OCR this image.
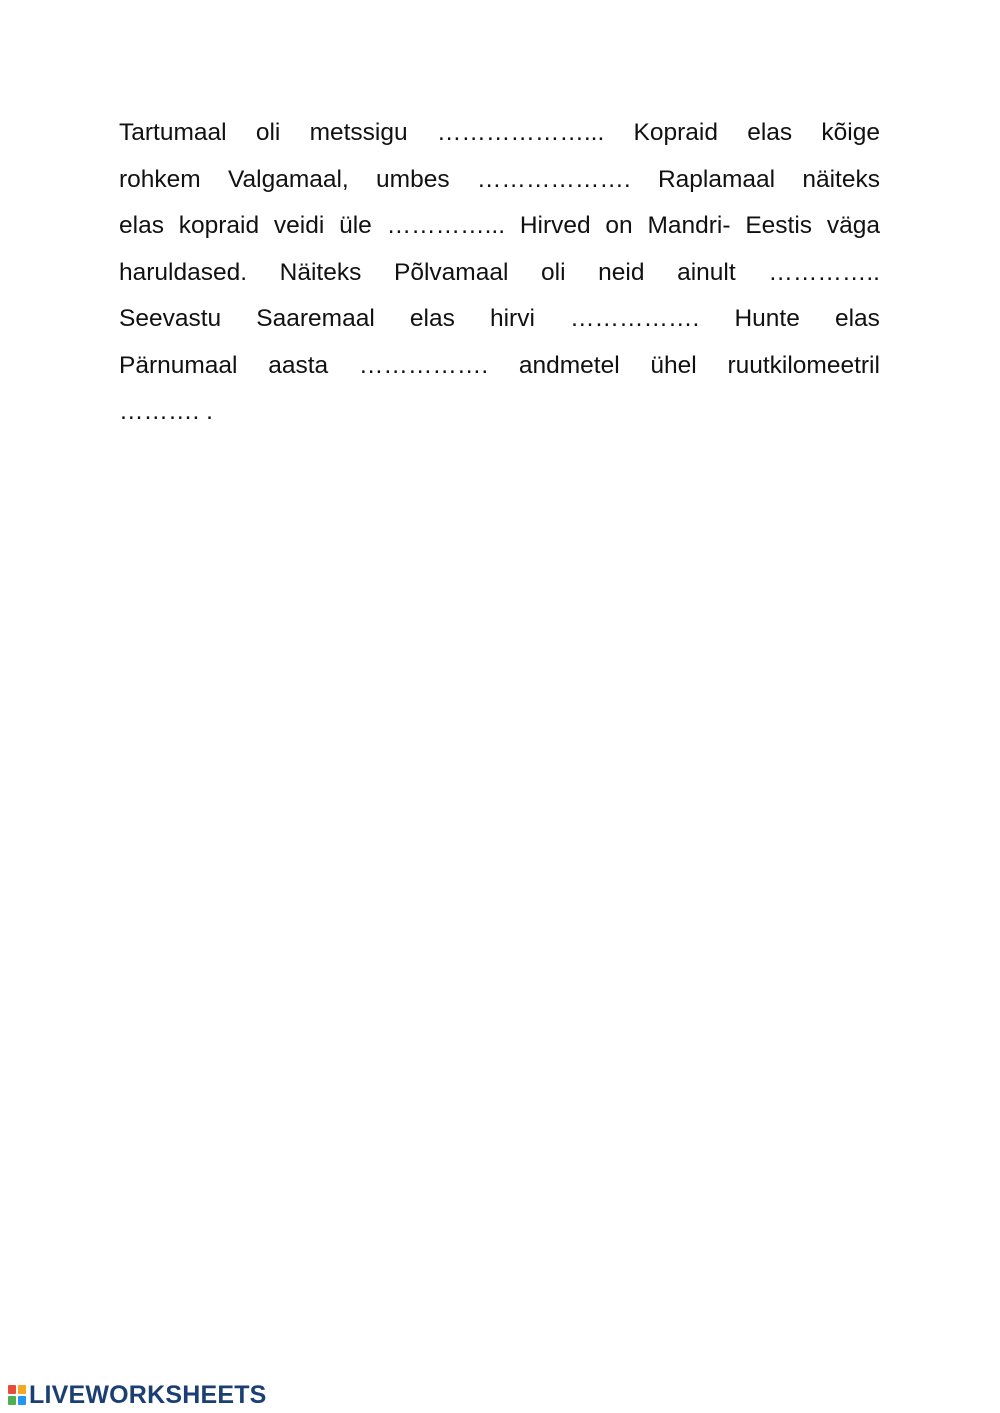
Tartumaal oli metssigu ………………... Kopraid elas kõige
rohkem Valgamaal, umbes ………………. Raplamaal näiteks
elas kopraid veidi üle …………... Hirved on Mandri- Eestis väga
haruldased. Näiteks Põlvamaal oli neid ainult …………..
Seevastu Saaremaal elas hirvi ……………. Hunte elas
Pärnumaal aasta ……………. andmetel ühel ruutkilomeetril
………. .
LIVEWORKSHEETS
